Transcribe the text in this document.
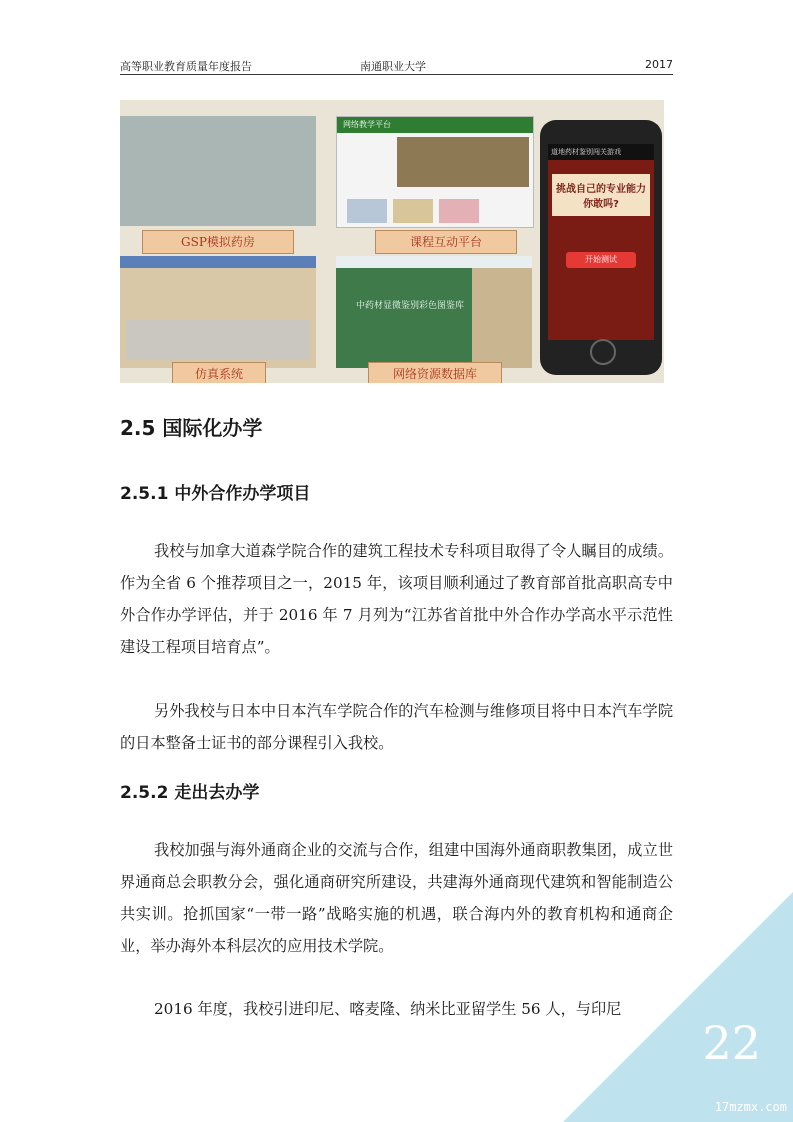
高等职业教育质量年度报告	南通职业大学	2017
GSP模拟药房
网络教学平台
课程互动平台
仿真系统
中药材显微鉴别彩色图鉴库
网络资源数据库
道地药材鉴别闯关游戏
挑战自己的专业能力 你敢吗?
开始测试
2.5 国际化办学
2.5.1 中外合作办学项目

我校与加拿大道森学院合作的建筑工程技术专科项目取得了令人瞩目的成绩。作为全省 6 个推荐项目之一，2015 年，该项目顺利通过了教育部首批高职高专中外合作办学评估，并于 2016 年 7 月列为“江苏省首批中外合作办学高水平示范性建设工程项目培育点”。

另外我校与日本中日本汽车学院合作的汽车检测与维修项目将中日本汽车学院的日本整备士证书的部分课程引入我校。

2.5.2 走出去办学

我校加强与海外通商企业的交流与合作，组建中国海外通商职教集团，成立世界通商总会职教分会，强化通商研究所建设，共建海外通商现代建筑和智能制造公共实训。抢抓国家“一带一路”战略实施的机遇，联合海内外的教育机构和通商企业，举办海外本科层次的应用技术学院。

2016 年度，我校引进印尼、喀麦隆、纳米比亚留学生 56 人，与印尼

22
17mzmx.com
